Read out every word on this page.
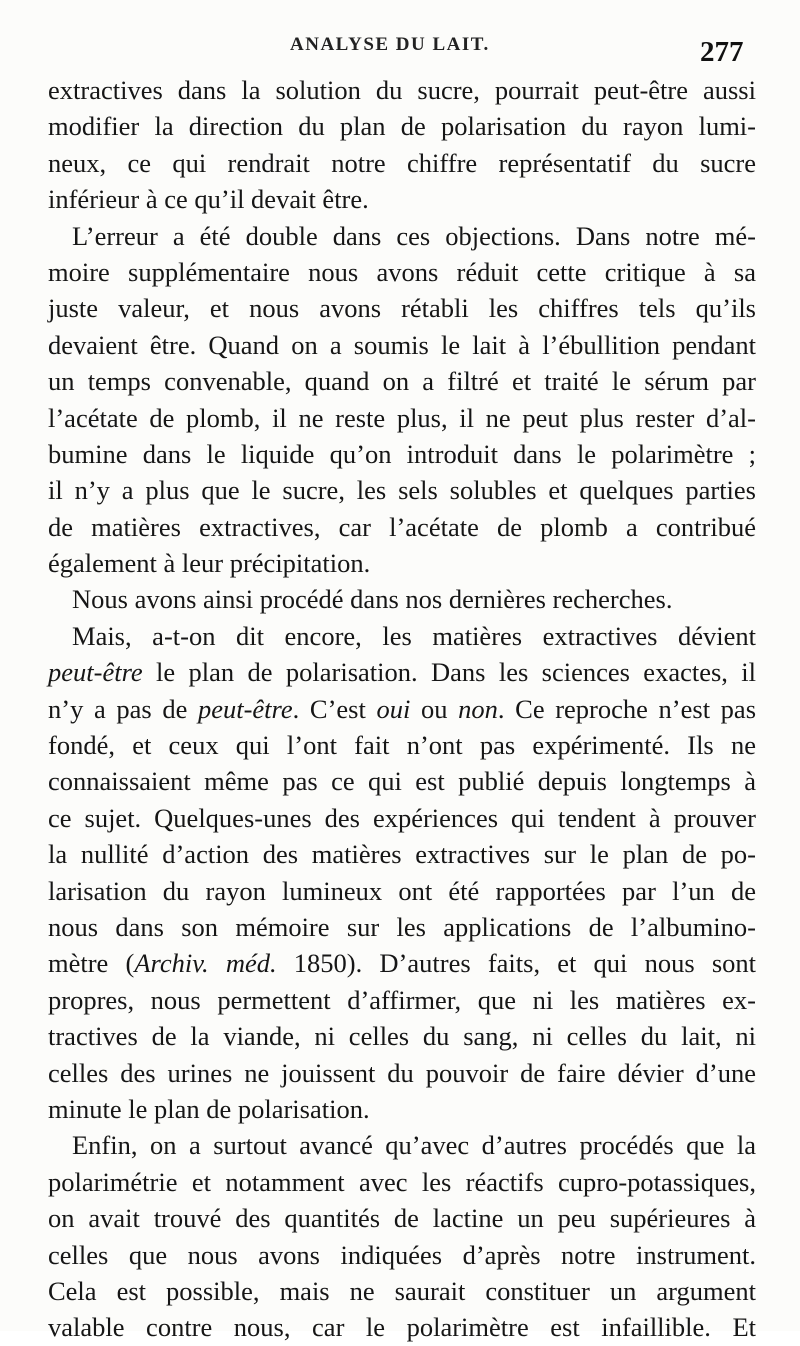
ANALYSE DU LAIT.	277
extractives dans la solution du sucre, pourrait peut-être aussi
modifier la direction du plan de polarisation du rayon lumi-
neux, ce qui rendrait notre chiffre représentatif du sucre
inférieur à ce qu’il devait être.
L’erreur a été double dans ces objections. Dans notre mé-
moire supplémentaire nous avons réduit cette critique à sa
juste valeur, et nous avons rétabli les chiffres tels qu’ils
devaient être. Quand on a soumis le lait à l’ébullition pendant
un temps convenable, quand on a filtré et traité le sérum par
l’acétate de plomb, il ne reste plus, il ne peut plus rester d’al-
bumine dans le liquide qu’on introduit dans le polarimètre ;
il n’y a plus que le sucre, les sels solubles et quelques parties
de matières extractives, car l’acétate de plomb a contribué
également à leur précipitation.
Nous avons ainsi procédé dans nos dernières recherches.
Mais, a-t-on dit encore, les matières extractives dévient
peut-être le plan de polarisation. Dans les sciences exactes, il
n’y a pas de peut-être. C’est oui ou non. Ce reproche n’est pas
fondé, et ceux qui l’ont fait n’ont pas expérimenté. Ils ne
connaissaient même pas ce qui est publié depuis longtemps à
ce sujet. Quelques-unes des expériences qui tendent à prouver
la nullité d’action des matières extractives sur le plan de po-
larisation du rayon lumineux ont été rapportées par l’un de
nous dans son mémoire sur les applications de l’albumino-
mètre (Archiv. méd. 1850). D’autres faits, et qui nous sont
propres, nous permettent d’affirmer, que ni les matières ex-
tractives de la viande, ni celles du sang, ni celles du lait, ni
celles des urines ne jouissent du pouvoir de faire dévier d’une
minute le plan de polarisation.
Enfin, on a surtout avancé qu’avec d’autres procédés que la
polarimétrie et notamment avec les réactifs cupro-potassiques,
on avait trouvé des quantités de lactine un peu supérieures à
celles que nous avons indiquées d’après notre instrument.
Cela est possible, mais ne saurait constituer un argument
valable contre nous, car le polarimètre est infaillible. Et
